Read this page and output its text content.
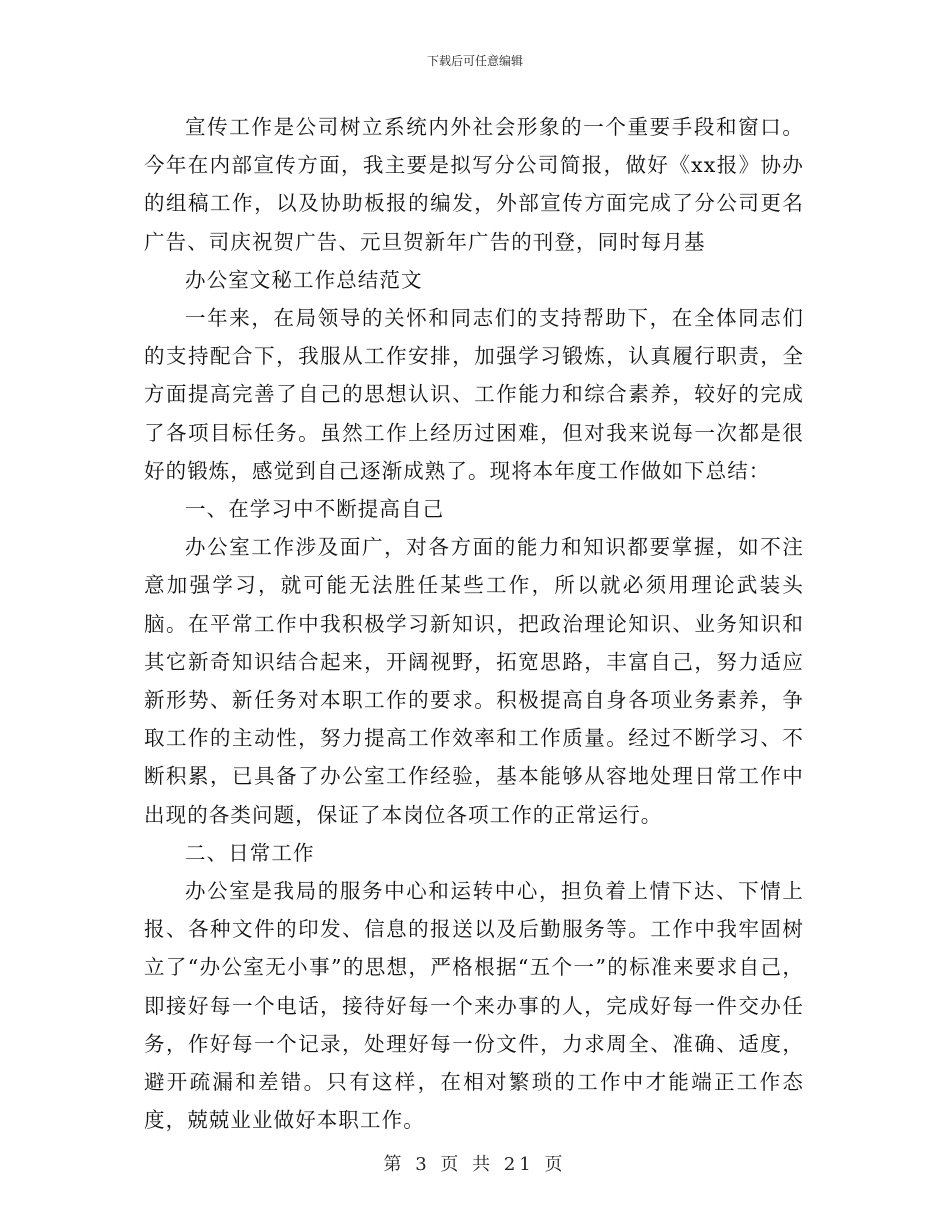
下载后可任意编辑

宣传工作是公司树立系统内外社会形象的一个重要手段和窗口。今年在内部宣传方面，我主要是拟写分公司简报，做好《xx报》协办的组稿工作，以及协助板报的编发，外部宣传方面完成了分公司更名广告、司庆祝贺广告、元旦贺新年广告的刊登，同时每月基

办公室文秘工作总结范文

一年来，在局领导的关怀和同志们的支持帮助下，在全体同志们的支持配合下，我服从工作安排，加强学习锻炼，认真履行职责，全方面提高完善了自己的思想认识、工作能力和综合素养，较好的完成了各项目标任务。虽然工作上经历过困难，但对我来说每一次都是很好的锻炼，感觉到自己逐渐成熟了。现将本年度工作做如下总结：

一、在学习中不断提高自己

办公室工作涉及面广，对各方面的能力和知识都要掌握，如不注意加强学习，就可能无法胜任某些工作，所以就必须用理论武装头脑。在平常工作中我积极学习新知识，把政治理论知识、业务知识和其它新奇知识结合起来，开阔视野，拓宽思路，丰富自己，努力适应新形势、新任务对本职工作的要求。积极提高自身各项业务素养，争取工作的主动性，努力提高工作效率和工作质量。经过不断学习、不断积累，已具备了办公室工作经验，基本能够从容地处理日常工作中出现的各类问题，保证了本岗位各项工作的正常运行。

二、日常工作

办公室是我局的服务中心和运转中心，担负着上情下达、下情上报、各种文件的印发、信息的报送以及后勤服务等。工作中我牢固树立了“办公室无小事”的思想，严格根据“五个一”的标准来要求自己，即接好每一个电话，接待好每一个来办事的人，完成好每一件交办任务，作好每一个记录，处理好每一份文件，力求周全、准确、适度，避开疏漏和差错。只有这样，在相对繁琐的工作中才能端正工作态度，兢兢业业做好本职工作。

第 3 页 共 21 页
